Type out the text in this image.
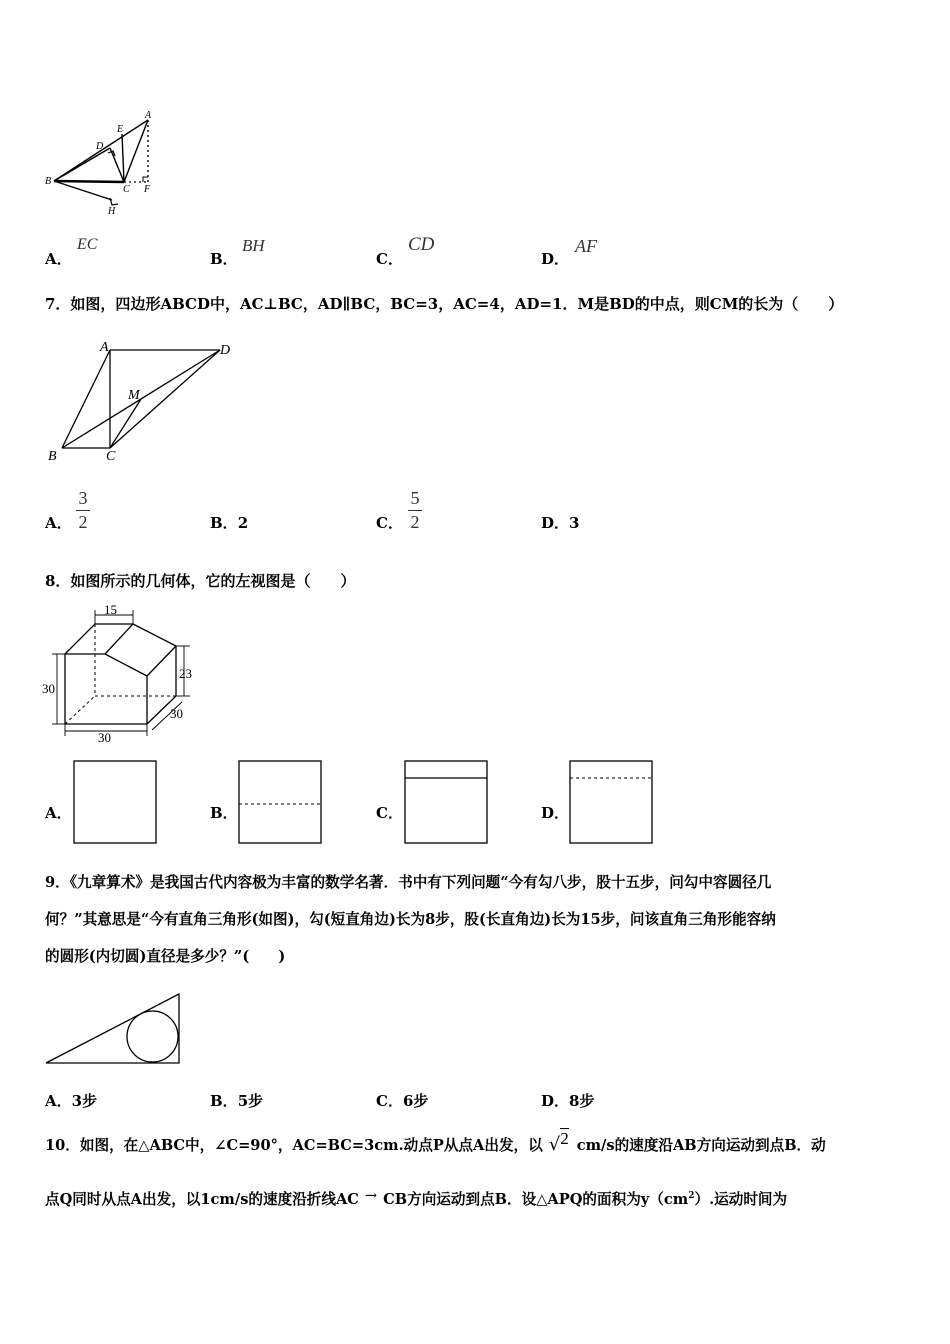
A
E
D
B
C F
H
A．
EC
B．
BH
C．
CD
D．
AF
7．如图，四边形ABCD中，AC⊥BC，AD∥BC，BC=3，AC=4，AD=1．M是BD的中点，则CM的长为（　　）
A	D
M
B	C
A．
3
2	B．2	C．
5
2	D．3
8．如图所示的几何体，它的左视图是（　　）
15
30
23
30
30
A．	B．	C．	D．
9．《九章算术》是我国古代内容极为丰富的数学名著．书中有下列问题“今有勾八步，股十五步，问勾中容圆径几
何？”其意思是“今有直角三角形(如图)，勾(短直角边)长为8步，股(长直角边)长为15步，问该直角三角形能容纳
的圆形(内切圆)直径是多少？”(　　)
A．3步	B．5步	C．6步	D．8步
10．如图，在△ABC中，∠C=90°，AC=BC=3cm.动点P从点A出发，以 √2 cm/s的速度沿AB方向运动到点B．动
点Q同时从点A出发，以1cm/s的速度沿折线AC → CB方向运动到点B．设△APQ的面积为$y(cm^2)$.运动时间为
